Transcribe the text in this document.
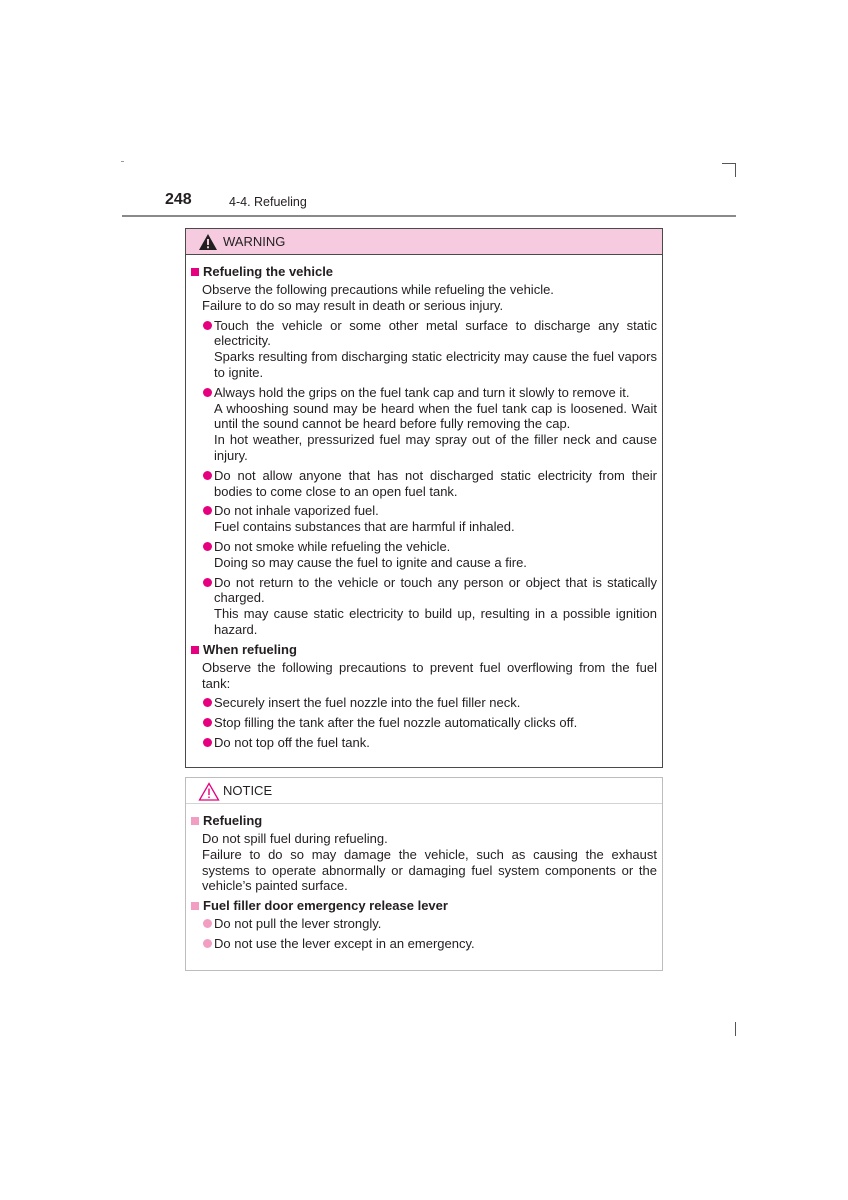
248	4-4. Refueling
WARNING
Refueling the vehicle
Observe the following precautions while refueling the vehicle.
Failure to do so may result in death or serious injury.
Touch the vehicle or some other metal surface to discharge any static electricity.
Sparks resulting from discharging static electricity may cause the fuel vapors to ignite.
Always hold the grips on the fuel tank cap and turn it slowly to remove it.
A whooshing sound may be heard when the fuel tank cap is loosened. Wait until the sound cannot be heard before fully removing the cap.
In hot weather, pressurized fuel may spray out of the filler neck and cause injury.
Do not allow anyone that has not discharged static electricity from their bodies to come close to an open fuel tank.
Do not inhale vaporized fuel.
Fuel contains substances that are harmful if inhaled.
Do not smoke while refueling the vehicle.
Doing so may cause the fuel to ignite and cause a fire.
Do not return to the vehicle or touch any person or object that is statically charged.
This may cause static electricity to build up, resulting in a possible ignition hazard.
When refueling
Observe the following precautions to prevent fuel overflowing from the fuel tank:
Securely insert the fuel nozzle into the fuel filler neck.
Stop filling the tank after the fuel nozzle automatically clicks off.
Do not top off the fuel tank.
NOTICE
Refueling
Do not spill fuel during refueling.
Failure to do so may damage the vehicle, such as causing the exhaust systems to operate abnormally or damaging fuel system components or the vehicle’s painted surface.
Fuel filler door emergency release lever
Do not pull the lever strongly.
Do not use the lever except in an emergency.
